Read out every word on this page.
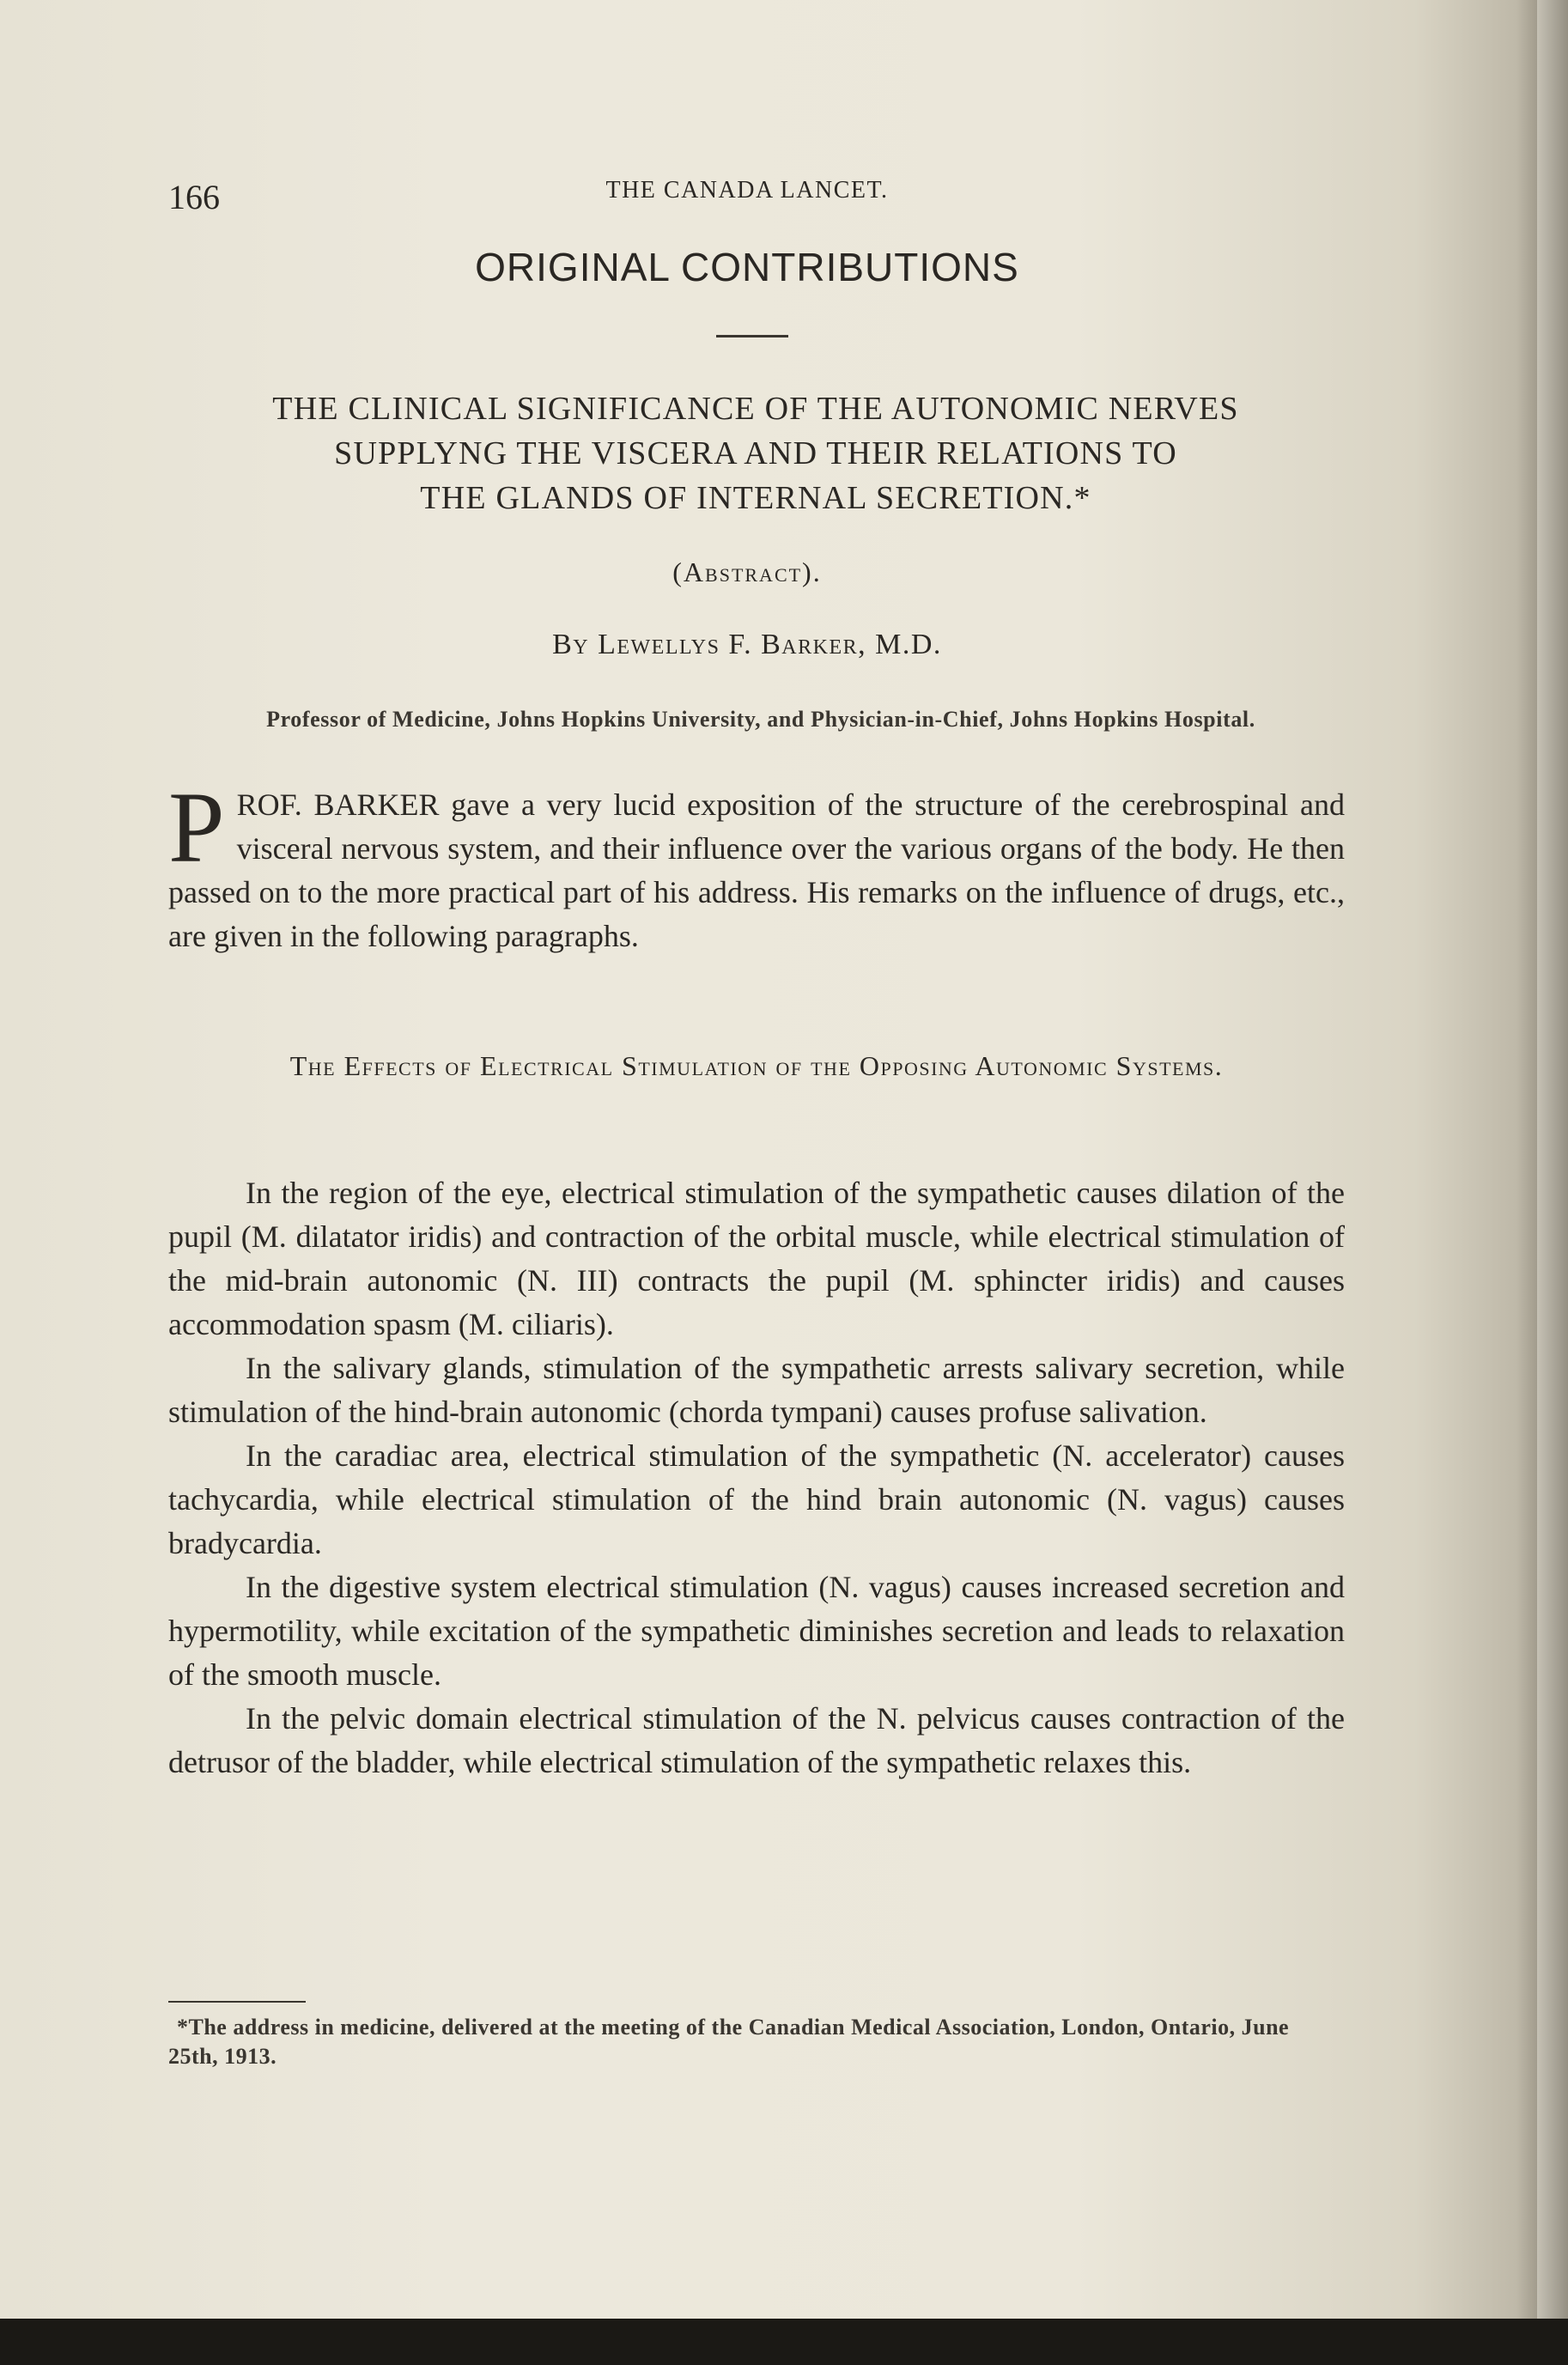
166	THE CANADA LANCET.
ORIGINAL CONTRIBUTIONS
THE CLINICAL SIGNIFICANCE OF THE AUTONOMIC NERVES
SUPPLYNG THE VISCERA AND THEIR RELATIONS TO
THE GLANDS OF INTERNAL SECRETION.*
(Abstract).
By Lewellys F. Barker, M.D.
Professor of Medicine, Johns Hopkins University, and Physician-in-Chief, Johns Hopkins Hospital.
P ROF. BARKER gave a very lucid exposition of the structure of the cerebrospinal and visceral nervous system, and their influence over the various organs of the body. He then passed on to the more practical part of his address. His remarks on the influence of drugs, etc., are given in the following paragraphs.
The Effects of Electrical Stimulation of the Opposing Autonomic Systems.

In the region of the eye, electrical stimulation of the sympathetic causes dilation of the pupil (M. dilatator iridis) and contraction of the orbital muscle, while electrical stimulation of the mid-brain autonomic (N. III) contracts the pupil (M. sphincter iridis) and causes accommodation spasm (M. ciliaris).

In the salivary glands, stimulation of the sympathetic arrests salivary secretion, while stimulation of the hind-brain autonomic (chorda tympani) causes profuse salivation.

In the caradiac area, electrical stimulation of the sympathetic (N. accelerator) causes tachycardia, while electrical stimulation of the hind brain autonomic (N. vagus) causes bradycardia.

In the digestive system electrical stimulation (N. vagus) causes increased secretion and hypermotility, while excitation of the sympathetic diminishes secretion and leads to relaxation of the smooth muscle.

In the pelvic domain electrical stimulation of the N. pelvicus causes contraction of the detrusor of the bladder, while electrical stimulation of the sympathetic relaxes this.

*The address in medicine, delivered at the meeting of the Canadian Medical Association, London, Ontario, June 25th, 1913.
